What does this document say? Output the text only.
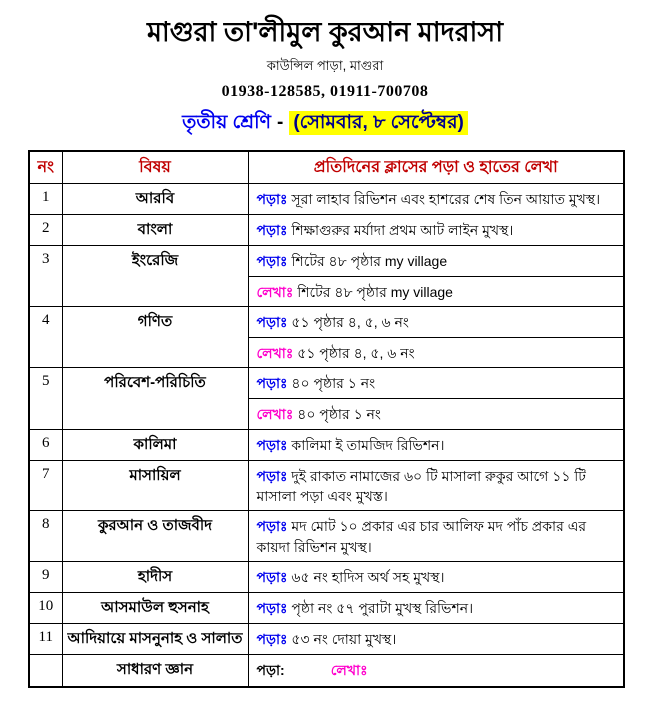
মাগুরা তা'লীমুল কুরআন মাদরাসা
কাউন্সিল পাড়া, মাগুরা
01938-128585, 01911-700708
তৃতীয় শ্রেণি - (সোমবার, ৮ সেপ্টেম্বর)
নং	বিষয়	প্রতিদিনের ক্লাসের পড়া ও হাতের লেখা
1	আরবি	পড়াঃ সূরা লাহাব রিভিশন এবং হাশরের শেষ তিন আয়াত মুখস্থ।

2	বাংলা	পড়াঃ শিক্ষাগুরুর মর্যাদা প্রথম আট লাইন মুখস্থ।

3	ইংরেজি	পড়াঃ শিটের ৪৮ পৃষ্ঠার my village
লেখাঃ শিটের ৪৮ পৃষ্ঠার my village

4	গণিত	পড়াঃ ৫১ পৃষ্ঠার ৪, ৫, ৬ নং
লেখাঃ ৫১ পৃষ্ঠার ৪, ৫, ৬ নং

5	পরিবেশ-পরিচিতি	পড়াঃ ৪০ পৃষ্ঠার ১ নং
লেখাঃ ৪০ পৃষ্ঠার ১ নং

6	কালিমা	পড়াঃ কালিমা ই তামজিদ রিভিশন।

7	মাসায়িল	পড়াঃ দুই রাকাত নামাজের ৬০ টি মাসালা রুকুর আগে ১১ টি মাসালা পড়া এবং মুখস্ত।

8	কুরআন ও তাজবীদ	পড়াঃ মদ মোট ১০ প্রকার এর চার আলিফ মদ পাঁচ প্রকার এর কায়দা রিভিশন মুখস্থ।

9	হাদীস	পড়াঃ ৬৫ নং হাদিস অর্থ সহ মুখস্থ।

10	আসমাউল হুসনাহ	পড়াঃ পৃষ্ঠা নং ৫৭ পুরাটা মুখস্থ রিভিশন।

11	আদিয়ায়ে মাসনুনাহ ও সালাত	পড়াঃ ৫৩ নং দোয়া মুখস্থ।

	সাধারণ জ্ঞান	পড়া: লেখাঃ
